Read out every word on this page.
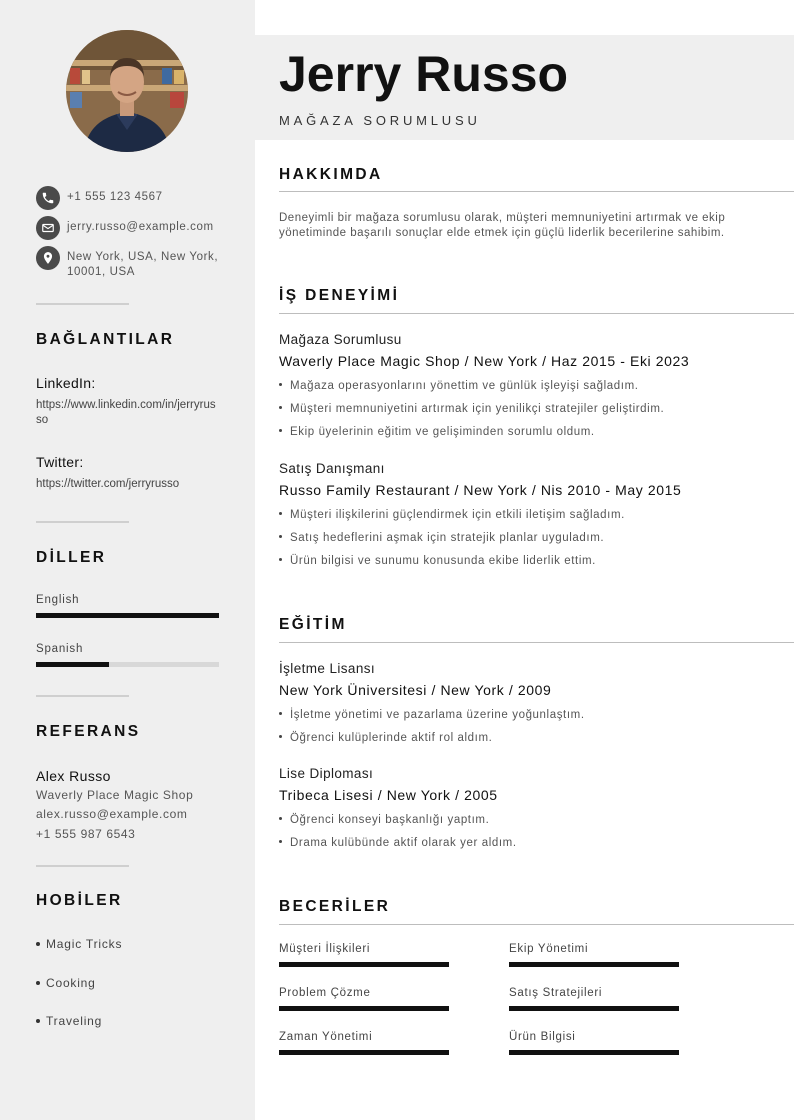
+1 555 123 4567
jerry.russo@example.com
New York, USA, New York, 10001, USA
BAĞLANTILAR
LinkedIn:
https://www.linkedin.com/in/jerryrusso
Twitter:
https://twitter.com/jerryrusso
DİLLER
English
Spanish
REFERANS
Alex Russo
Waverly Place Magic Shop
alex.russo@example.com
+1 555 987 6543
HOBİLER
Magic Tricks
Cooking
Traveling
Jerry Russo
MAĞAZA SORUMLUSU
HAKKIMDA
Deneyimli bir mağaza sorumlusu olarak, müşteri memnuniyetini artırmak ve ekip yönetiminde başarılı sonuçlar elde etmek için güçlü liderlik becerilerine sahibim.
İŞ DENEYİMİ
Mağaza Sorumlusu
Waverly Place Magic Shop / New York / Haz 2015 - Eki 2023
Mağaza operasyonlarını yönettim ve günlük işleyişi sağladım.
Müşteri memnuniyetini artırmak için yenilikçi stratejiler geliştirdim.
Ekip üyelerinin eğitim ve gelişiminden sorumlu oldum.
Satış Danışmanı
Russo Family Restaurant / New York / Nis 2010 - May 2015
Müşteri ilişkilerini güçlendirmek için etkili iletişim sağladım.
Satış hedeflerini aşmak için stratejik planlar uyguladım.
Ürün bilgisi ve sunumu konusunda ekibe liderlik ettim.
EĞİTİM
İşletme Lisansı
New York Üniversitesi / New York / 2009
İşletme yönetimi ve pazarlama üzerine yoğunlaştım.
Öğrenci kulüplerinde aktif rol aldım.
Lise Diploması
Tribeca Lisesi / New York / 2005
Öğrenci konseyi başkanlığı yaptım.
Drama kulübünde aktif olarak yer aldım.
BECERİLER
Müşteri İlişkileri	Ekip Yönetimi
Problem Çözme	Satış Stratejileri
Zaman Yönetimi	Ürün Bilgisi
